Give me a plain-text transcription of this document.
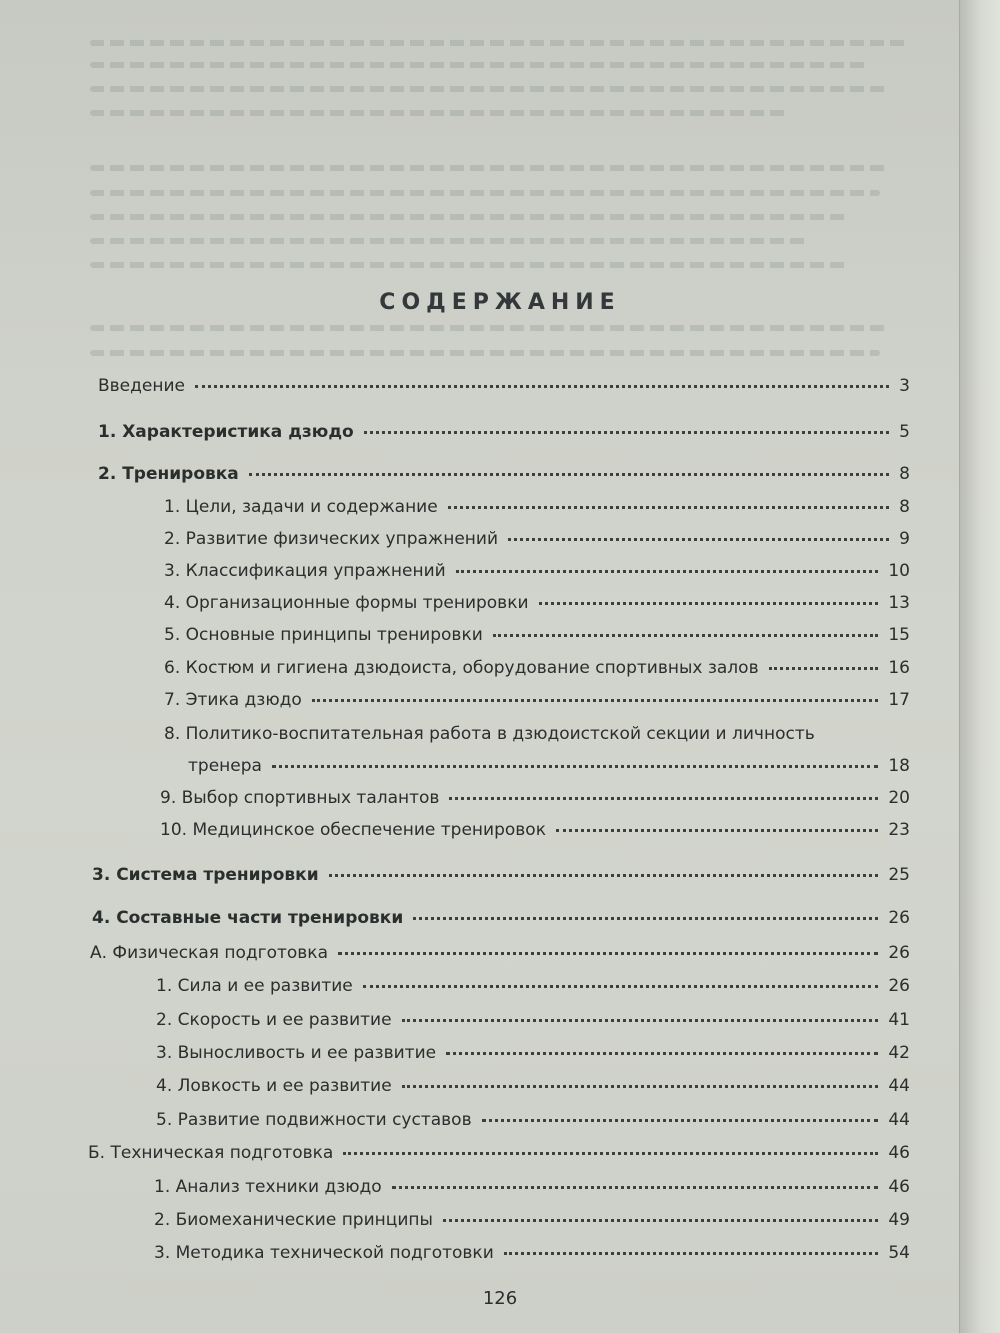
СОДЕРЖАНИЕ
Введение	3
1. Характеристика дзюдо	5
2. Тренировка	8
1. Цели, задачи и содержание	8
2. Развитие физических упражнений	9
3. Классификация упражнений	10
4. Организационные формы тренировки	13
5. Основные принципы тренировки	15
6. Костюм и гигиена дзюдоиста, оборудование спортивных залов	16
7. Этика дзюдо	17
8. Политико-воспитательная работа в дзюдоистской секции и личность
тренера	18
9. Выбор спортивных талантов	20
10. Медицинское обеспечение тренировок	23
3. Система тренировки	25
4. Составные части тренировки	26
А. Физическая подготовка	26
1. Сила и ее развитие	26
2. Скорость и ее развитие	41
3. Выносливость и ее развитие	42
4. Ловкость и ее развитие	44
5. Развитие подвижности суставов	44
Б. Техническая подготовка	46
1. Анализ техники дзюдо	46
2. Биомеханические принципы	49
3. Методика технической подготовки	54
126
